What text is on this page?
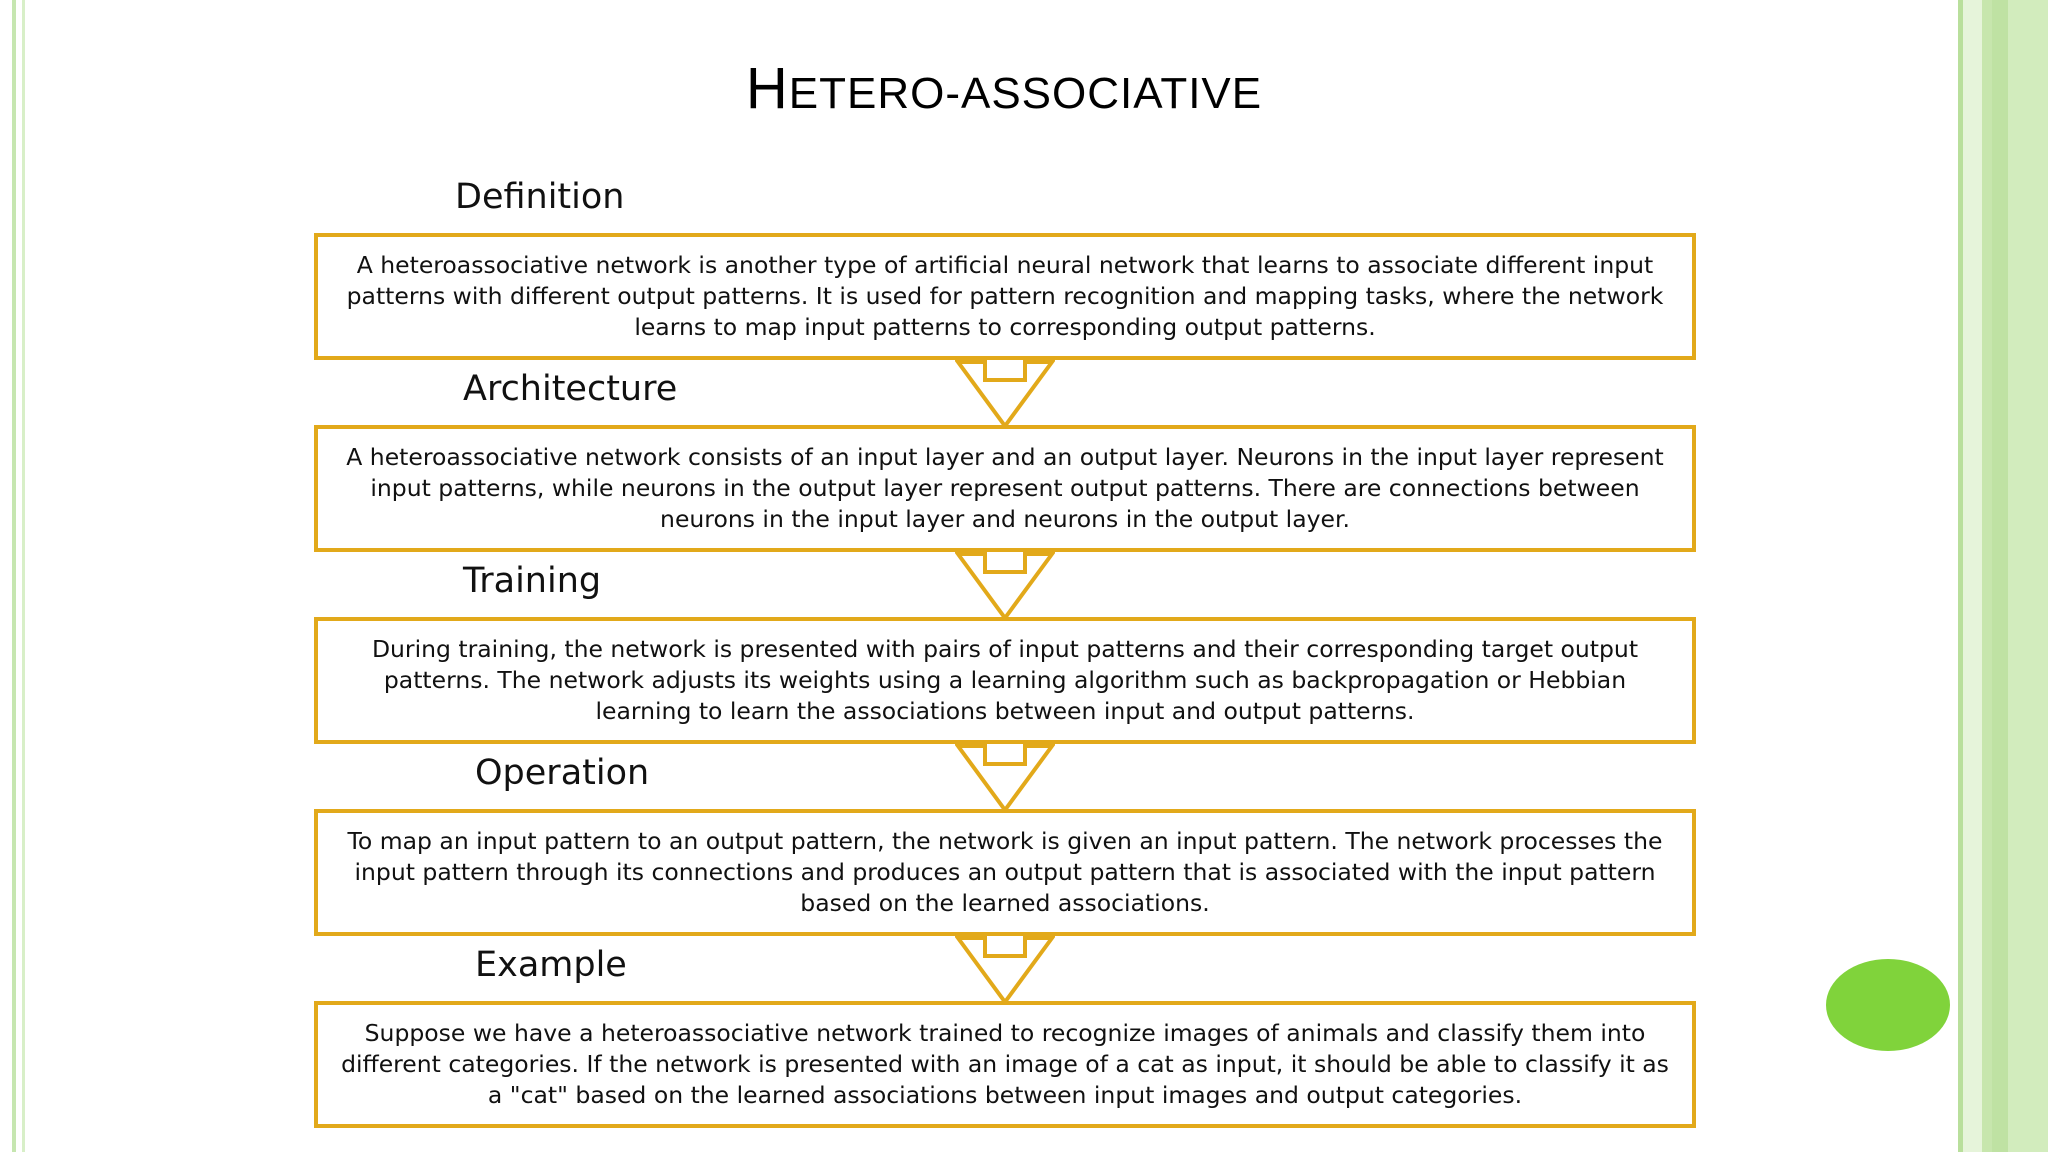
HETERO-ASSOCIATIVE
Definition
A heteroassociative network is another type of artificial neural network that learns to associate different input patterns with different output patterns. It is used for pattern recognition and mapping tasks, where the network learns to map input patterns to corresponding output patterns.
Architecture
A heteroassociative network consists of an input layer and an output layer. Neurons in the input layer represent input patterns, while neurons in the output layer represent output patterns. There are connections between neurons in the input layer and neurons in the output layer.
Training
During training, the network is presented with pairs of input patterns and their corresponding target output patterns. The network adjusts its weights using a learning algorithm such as backpropagation or Hebbian learning to learn the associations between input and output patterns.
Operation
To map an input pattern to an output pattern, the network is given an input pattern. The network processes the input pattern through its connections and produces an output pattern that is associated with the input pattern based on the learned associations.
Example
Suppose we have a heteroassociative network trained to recognize images of animals and classify them into different categories. If the network is presented with an image of a cat as input, it should be able to classify it as a "cat" based on the learned associations between input images and output categories.
